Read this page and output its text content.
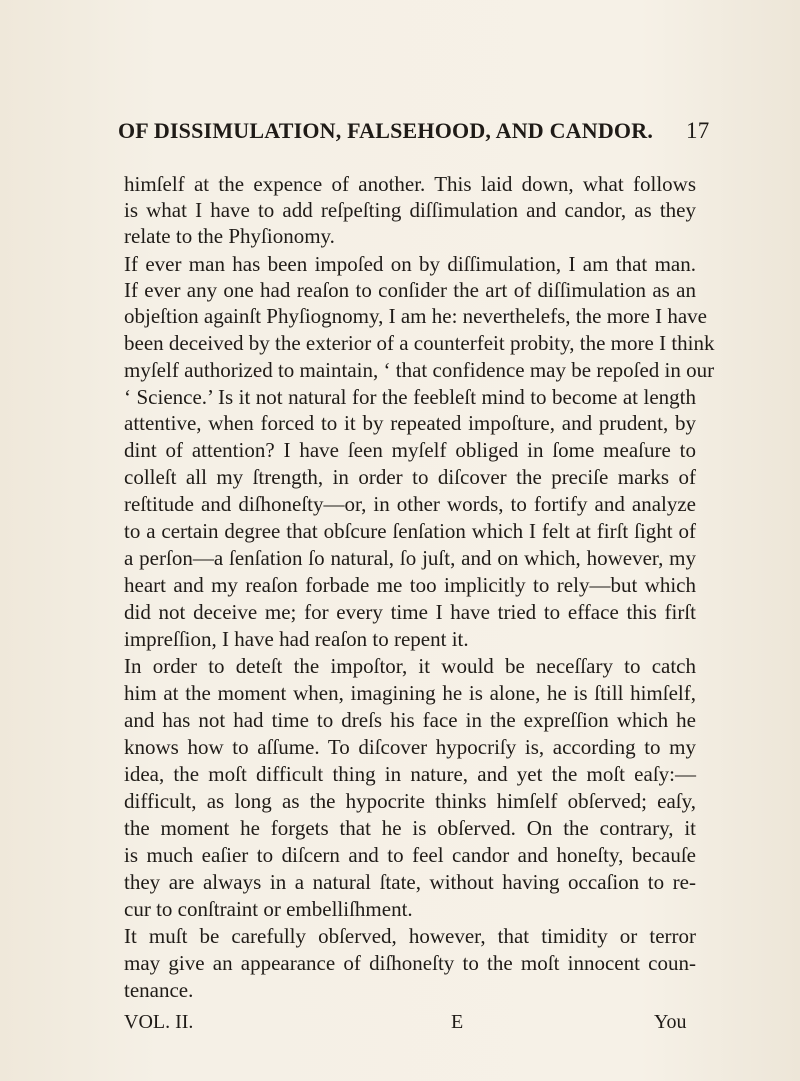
OF DISSIMULATION, FALSEHOOD, AND CANDOR. 17
himſelf at the expence of another. This laid down, what follows
is what I have to add reſpeſting diſſimulation and candor, as they
relate to the Phyſionomy.
If ever man has been impoſed on by diſſimulation, I am that man.
If ever any one had reaſon to conſider the art of diſſimulation as an
objeſtion againſt Phyſiognomy, I am he: neverthelefs, the more I have
been deceived by the exterior of a counterfeit probity, the more I think
myſelf authorized to maintain, ‘ that confidence may be repoſed in our
‘ Science.’ Is it not natural for the feebleſt mind to become at length
attentive, when forced to it by repeated impoſture, and prudent, by
dint of attention? I have ſeen myſelf obliged in ſome meaſure to
colleſt all my ſtrength, in order to diſcover the preciſe marks of
reſtitude and diſhoneſty—or, in other words, to fortify and analyze
to a certain degree that obſcure ſenſation which I felt at firſt ſight of
a perſon—a ſenſation ſo natural, ſo juſt, and on which, however, my
heart and my reaſon forbade me too implicitly to rely—but which
did not deceive me; for every time I have tried to efface this firſt
impreſſion, I have had reaſon to repent it.
In order to deteſt the impoſtor, it would be neceſſary to catch
him at the moment when, imagining he is alone, he is ſtill himſelf,
and has not had time to dreſs his face in the expreſſion which he
knows how to aſſume. To diſcover hypocriſy is, according to my
idea, the moſt difficult thing in nature, and yet the moſt eaſy:—
difficult, as long as the hypocrite thinks himſelf obſerved; eaſy,
the moment he forgets that he is obſerved. On the contrary, it
is much eaſier to diſcern and to feel candor and honeſty, becauſe
they are always in a natural ſtate, without having occaſion to re-
cur to conſtraint or embelliſhment.
It muſt be carefully obſerved, however, that timidity or terror
may give an appearance of diſhoneſty to the moſt innocent coun-
tenance.
VOL. II.	E	You
